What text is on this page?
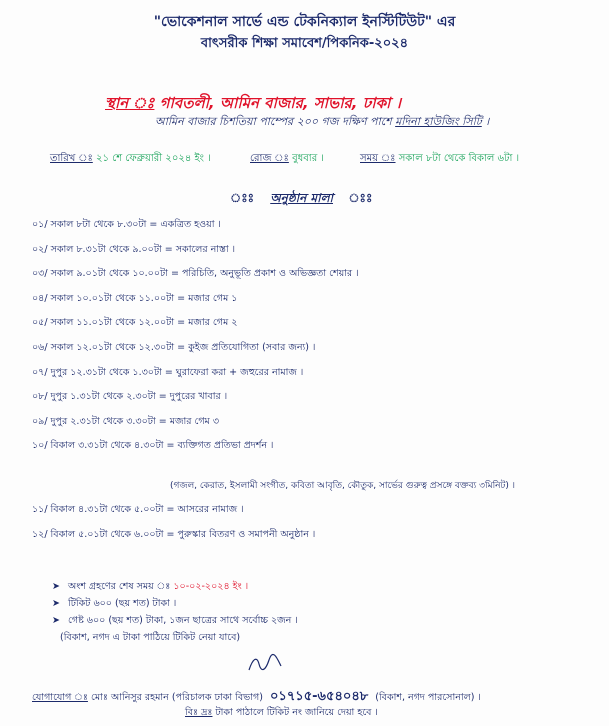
"ভোকেশনাল সার্ভে এন্ড টেকনিক্যাল ইনস্টিটিউট" এর
বাৎসরীক শিক্ষা সমাবেশ/পিকনিক-২০২৪
স্থান ঃ গাবতলী, আমিন বাজার, সাভার, ঢাকা ।
আমিন বাজার চিশতিয়া পাম্পের ২০০ গজ দক্ষিণ পাশে মদিনা হাউজিং সিটি ।
তারিখ ঃ ২১ শে ফেব্রুয়ারী ২০২৪ ইং ।	রোজ ঃ বুধবার ।	সময় ঃ সকাল ৮টা থেকে বিকাল ৬টা ।
ঃঃ অনুষ্ঠান মালা
০১/ সকাল ৮টা থেকে ৮.৩০টা = একত্রিত হওয়া ।
০২/ সকাল ৮.৩১টা থেকে ৯.০০টা = সকালের নাস্তা ।
০৩/ সকাল ৯.০১টা থেকে ১০.০০টা = পরিচিতি, অনুভূতি প্রকাশ ও অভিজ্ঞতা শেয়ার ।
০৪/ সকাল ১০.০১টা থেকে ১১.০০টা = মজার গেম ১
০৫/ সকাল ১১.০১টা থেকে ১২.০০টা = মজার গেম ২
০৬/ সকাল ১২.০১টা থেকে ১২.৩০টা = কুইজ প্রতিযোগিতা (সবার জন্য) ।
০৭/ দুপুর ১২.৩১টা থেকে ১.৩০টা = ঘুরাফেরা করা + জহুরের নামাজ ।
০৮/ দুপুর ১.৩১টা থেকে ২.৩০টা = দুপুরের খাবার ।
০৯/ দুপুর ২.৩১টা থেকে ৩.৩০টা = মজার গেম ৩
১০/ বিকাল ৩.৩১টা থেকে ৪.৩০টা = ব্যক্তিগত প্রতিভা প্রদর্শন ।
(গজল, কেরাত, ইসলামী সংগীত, কবিতা আবৃতি, কৌতুক, সার্ভের গুরুত্ব প্রসঙ্গে বক্তব্য ৩মিনিট) ।
১১/ বিকাল ৪.৩১টা থেকে ৫.০০টা = আসরের নামাজ ।
১২/ বিকাল ৫.০১টা থেকে ৬.০০টা = পুরুস্কার বিতরণ ও সমাপনী অনুষ্ঠান ।
➤ অংশ গ্রহণের শেষ সময় ঃ ১০-০২-২০২৪ ইং ।
➤ টিকিট ৬০০ (ছয় শত) টাকা ।
➤ গেষ্ট ৬০০ (ছয় শত) টাকা, ১জন ছাত্রের সাথে সর্বোচ্চ ২জন ।
(বিকাশ, নগদ এ টাকা পাঠিয়ে টিকিট নেয়া যাবে)
যোগাযোগ ঃ মোঃ আনিসুর রহমান (পরিচালক ঢাকা বিভাগ) ০১৭১৫-৬৫৪০৪৮ (বিকাশ, নগদ পারসোনাল) ।
বিঃ দ্রঃ টাকা পাঠালে টিকিট নং জানিয়ে দেয়া হবে ।
